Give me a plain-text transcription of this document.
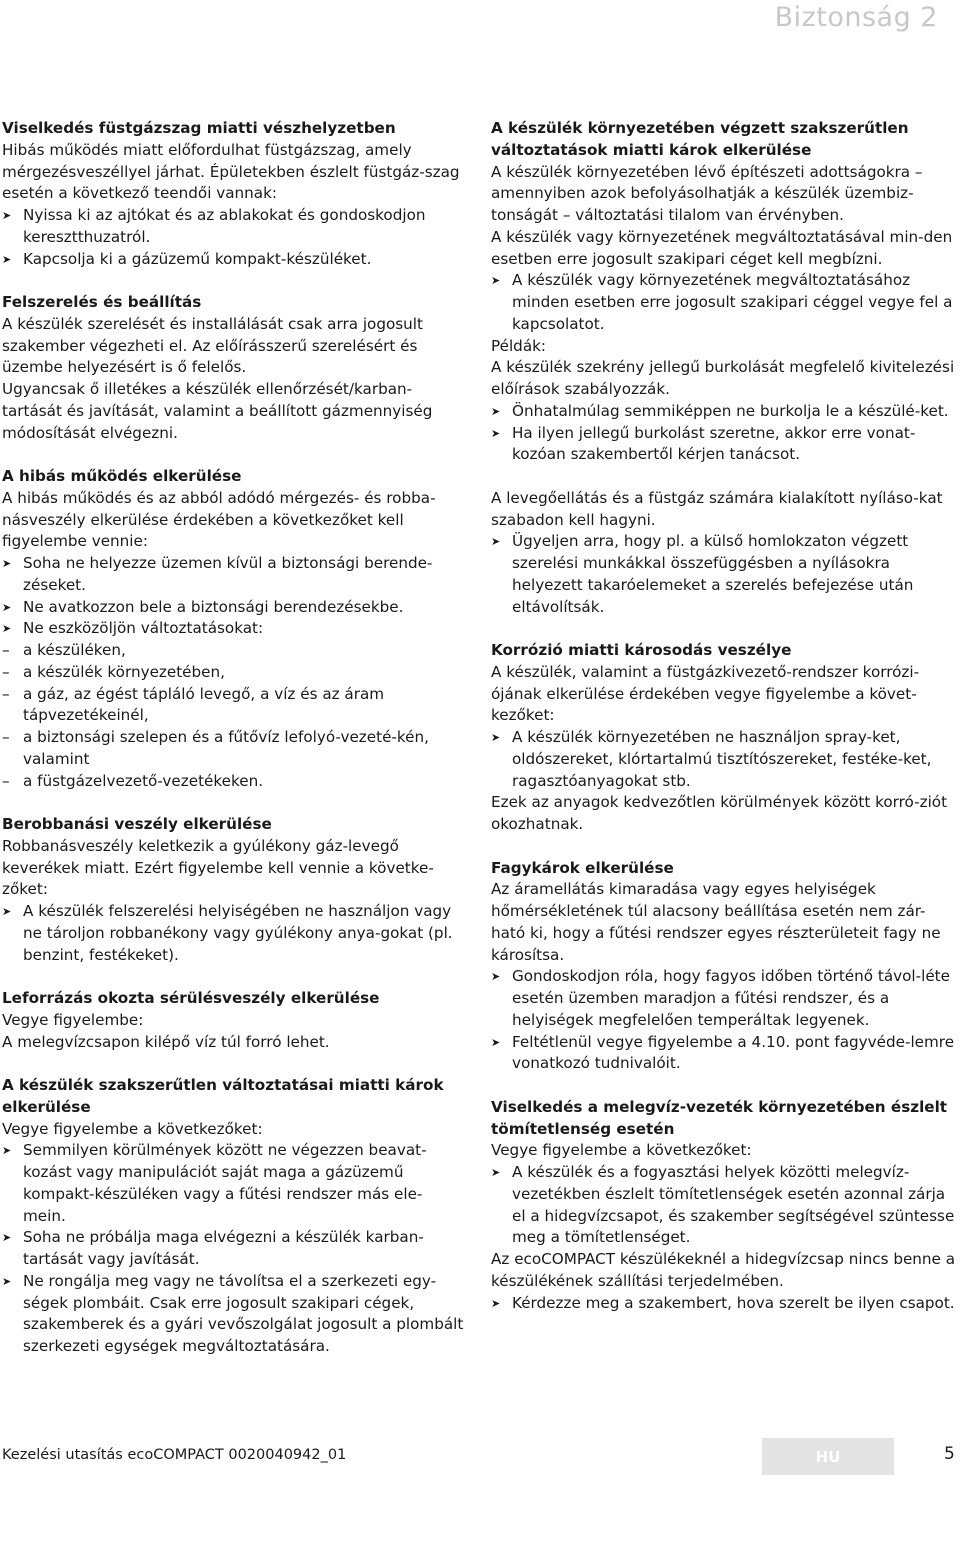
Biztonság 2
Viselkedés füstgázszag miatti vészhelyzetben

Hibás működés miatt előfordulhat füstgázszag, amely mérgezésveszéllyel járhat. Épületekben észlelt füstgáz-szag esetén a következő teendői vannak:

➤ Nyissa ki az ajtókat és az ablakokat és gondoskodjon keresztthuzatról.
➤ Kapcsolja ki a gázüzemű kompakt-készüléket.
Felszerelés és beállítás

A készülék szerelését és installálását csak arra jogosult szakember végezheti el. Az előírásszerű szerelésért és üzembe helyezésért is ő felelős.

Ugyancsak ő illetékes a készülék ellenőrzését/karban-tartását és javítását, valamint a beállított gázmennyiség módosítását elvégezni.

A hibás működés elkerülése

A hibás működés és az abból adódó mérgezés- és robba-násveszély elkerülése érdekében a következőket kell figyelembe vennie:

➤ Soha ne helyezze üzemen kívül a biztonsági berende-zéseket.
➤ Ne avatkozzon bele a biztonsági berendezésekbe.
➤ Ne eszközöljön változtatásokat:
– a készüléken,
– a készülék környezetében,
– a gáz, az égést tápláló levegő, a víz és az áram tápvezetékeinél,
– a biztonsági szelepen és a fűtővíz lefolyó-vezeté-kén, valamint
– a füstgázelvezető-vezetékeken.
Berobbanási veszély elkerülése

Robbanásveszély keletkezik a gyúlékony gáz-levegő keverékek miatt. Ezért figyelembe kell vennie a követke-zőket:

➤ A készülék felszerelési helyiségében ne használjon vagy ne tároljon robbanékony vagy gyúlékony anya-gokat (pl. benzint, festékeket).
Leforrázás okozta sérülésveszély elkerülése

Vegye figyelembe:

A melegvízcsapon kilépő víz túl forró lehet.

A készülék szakszerűtlen változtatásai miatti károk elkerülése

Vegye figyelembe a következőket:

➤ Semmilyen körülmények között ne végezzen beavat-kozást vagy manipulációt saját maga a gázüzemű kompakt-készüléken vagy a fűtési rendszer más ele-mein.
➤ Soha ne próbálja maga elvégezni a készülék karban-tartását vagy javítását.
➤ Ne rongálja meg vagy ne távolítsa el a szerkezeti egy-ségek plombáit. Csak erre jogosult szakipari cégek, szakemberek és a gyári vevőszolgálat jogosult a plombált szerkezeti egységek megváltoztatására.
A készülék környezetében végzett szakszerűtlen változtatások miatti károk elkerülése

A készülék környezetében lévő építészeti adottságokra – amennyiben azok befolyásolhatják a készülék üzembiz-tonságát – változtatási tilalom van érvényben.

A készülék vagy környezetének megváltoztatásával min-den esetben erre jogosult szakipari céget kell megbízni.

➤ A készülék vagy környezetének megváltoztatásához minden esetben erre jogosult szakipari céggel vegye fel a kapcsolatot.

Példák:

A készülék szekrény jellegű burkolását megfelelő kivitelezési előírások szabályozzák.

➤ Önhatalmúlag semmiképpen ne burkolja le a készülé-ket.
➤ Ha ilyen jellegű burkolást szeretne, akkor erre vonat-kozóan szakembertől kérjen tanácsot.

A levegőellátás és a füstgáz számára kialakított nyíláso-kat szabadon kell hagyni.

➤ Ügyeljen arra, hogy pl. a külső homlokzaton végzett szerelési munkákkal összefüggésben a nyílásokra helyezett takaróelemeket a szerelés befejezése után eltávolítsák.
Korrózió miatti károsodás veszélye

A készülék, valamint a füstgázkivezető-rendszer korrózi-ójának elkerülése érdekében vegye figyelembe a követ-kezőket:

➤ A készülék környezetében ne használjon spray-ket, oldószereket, klórtartalmú tisztítószereket, festéke-ket, ragasztóanyagokat stb.

Ezek az anyagok kedvezőtlen körülmények között korró-ziót okozhatnak.

Fagykárok elkerülése

Az áramellátás kimaradása vagy egyes helyiségek hőmérsékletének túl alacsony beállítása esetén nem zár-ható ki, hogy a fűtési rendszer egyes részterületeit fagy ne károsítsa.

➤ Gondoskodjon róla, hogy fagyos időben történő távol-léte esetén üzemben maradjon a fűtési rendszer, és a helyiségek megfelelően temperáltak legyenek.
➤ Feltétlenül vegye figyelembe a 4.10. pont fagyvéde-lemre vonatkozó tudnivalóit.
Viselkedés a melegvíz-vezeték környezetében észlelt tömítetlenség esetén

Vegye figyelembe a következőket:

➤ A készülék és a fogyasztási helyek közötti melegvíz-vezetékben észlelt tömítetlenségek esetén azonnal zárja el a hidegvízcsapot, és szakember segítségével szüntesse meg a tömítetlenséget.

Az ecoCOMPACT készülékeknél a hidegvízcsap nincs benne a készülékének szállítási terjedelmében.

➤ Kérdezze meg a szakembert, hova szerelt be ilyen csapot.
Kezelési utasítás ecoCOMPACT 0020040942_01	HU	5
